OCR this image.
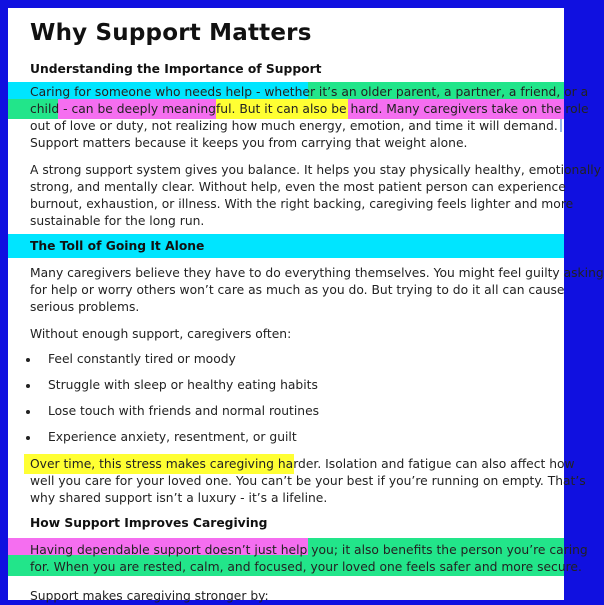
Why Support Matters
Understanding the Importance of Support

Caring for someone who needs help - whether it’s an older parent, a partner, a friend, or a

child - can be deeply meaningful. But it can also be hard. Many caregivers take on the role

out of love or duty, not realizing how much energy, emotion, and time it will demand.

Support matters because it keeps you from carrying that weight alone.

A strong support system gives you balance. It helps you stay physically healthy, emotionally

strong, and mentally clear. Without help, even the most patient person can experience

burnout, exhaustion, or illness. With the right backing, caregiving feels lighter and more

sustainable for the long run.

The Toll of Going It Alone

Many caregivers believe they have to do everything themselves. You might feel guilty asking

for help or worry others won’t care as much as you do. But trying to do it all can cause

serious problems.

Without enough support, caregivers often:

Feel constantly tired or moody
Struggle with sleep or healthy eating habits
Lose touch with friends and normal routines
Experience anxiety, resentment, or guilt

Over time, this stress makes caregiving harder. Isolation and fatigue can also affect how

well you care for your loved one. You can’t be your best if you’re running on empty. That’s

why shared support isn’t a luxury - it’s a lifeline.

How Support Improves Caregiving

Having dependable support doesn’t just help you; it also benefits the person you’re caring

for. When you are rested, calm, and focused, your loved one feels safer and more secure.

Support makes caregiving stronger by:
